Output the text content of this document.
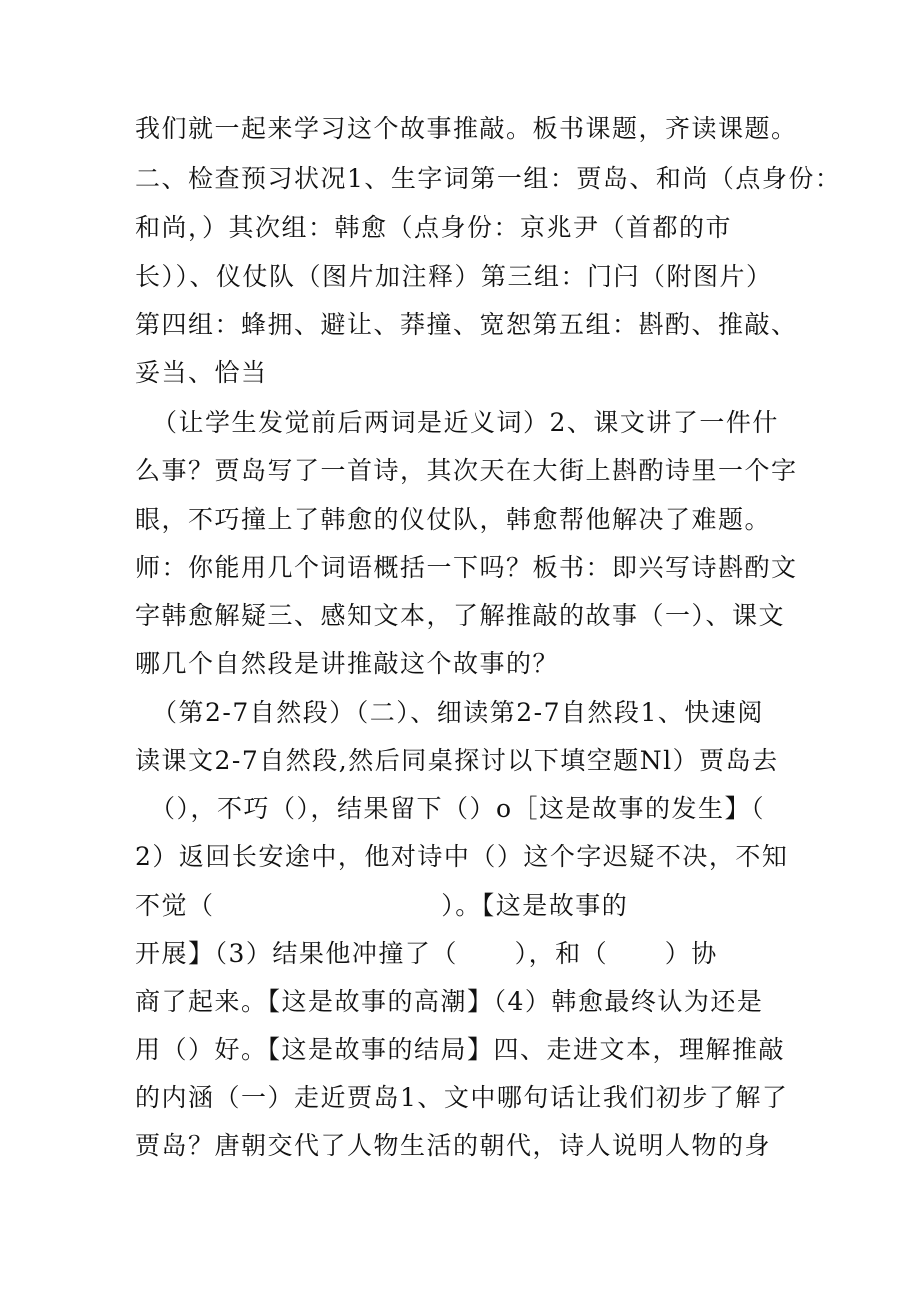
我们就一起来学习这个故事推敲。板书课题，齐读课题。
二、检查预习状况1、生字词第一组：贾岛、和尚（点身份：
和尚，）其次组：韩愈（点身份：京兆尹（首都的市
长））、仪仗队（图片加注释）第三组：门闩（附图片）
第四组：蜂拥、避让、莽撞、宽恕第五组：斟酌、推敲、
妥当、恰当
（让学生发觉前后两词是近义词）2、课文讲了一件什
么事？贾岛写了一首诗，其次天在大街上斟酌诗里一个字
眼，不巧撞上了韩愈的仪仗队，韩愈帮他解决了难题。
师：你能用几个词语概括一下吗？板书：即兴写诗斟酌文
字韩愈解疑三、感知文本，了解推敲的故事（一）、课文
哪几个自然段是讲推敲这个故事的？
（第2-7自然段）（二）、细读第2-7自然段1、快速阅
读课文2-7自然段,然后同桌探讨以下填空题Nl）贾岛去
（），不巧（），结果留下（）o［这是故事的发生】（
2）返回长安途中，他对诗中（）这个字迟疑不决，不知
不觉（                        ）。【这是故事的
开展】（3）结果他冲撞了（      ），和（      ）协
商了起来。【这是故事的高潮】（4）韩愈最终认为还是
用（）好。【这是故事的结局】四、走进文本，理解推敲
的内涵（一）走近贾岛1、文中哪句话让我们初步了解了
贾岛？唐朝交代了人物生活的朝代，诗人说明人物的身
